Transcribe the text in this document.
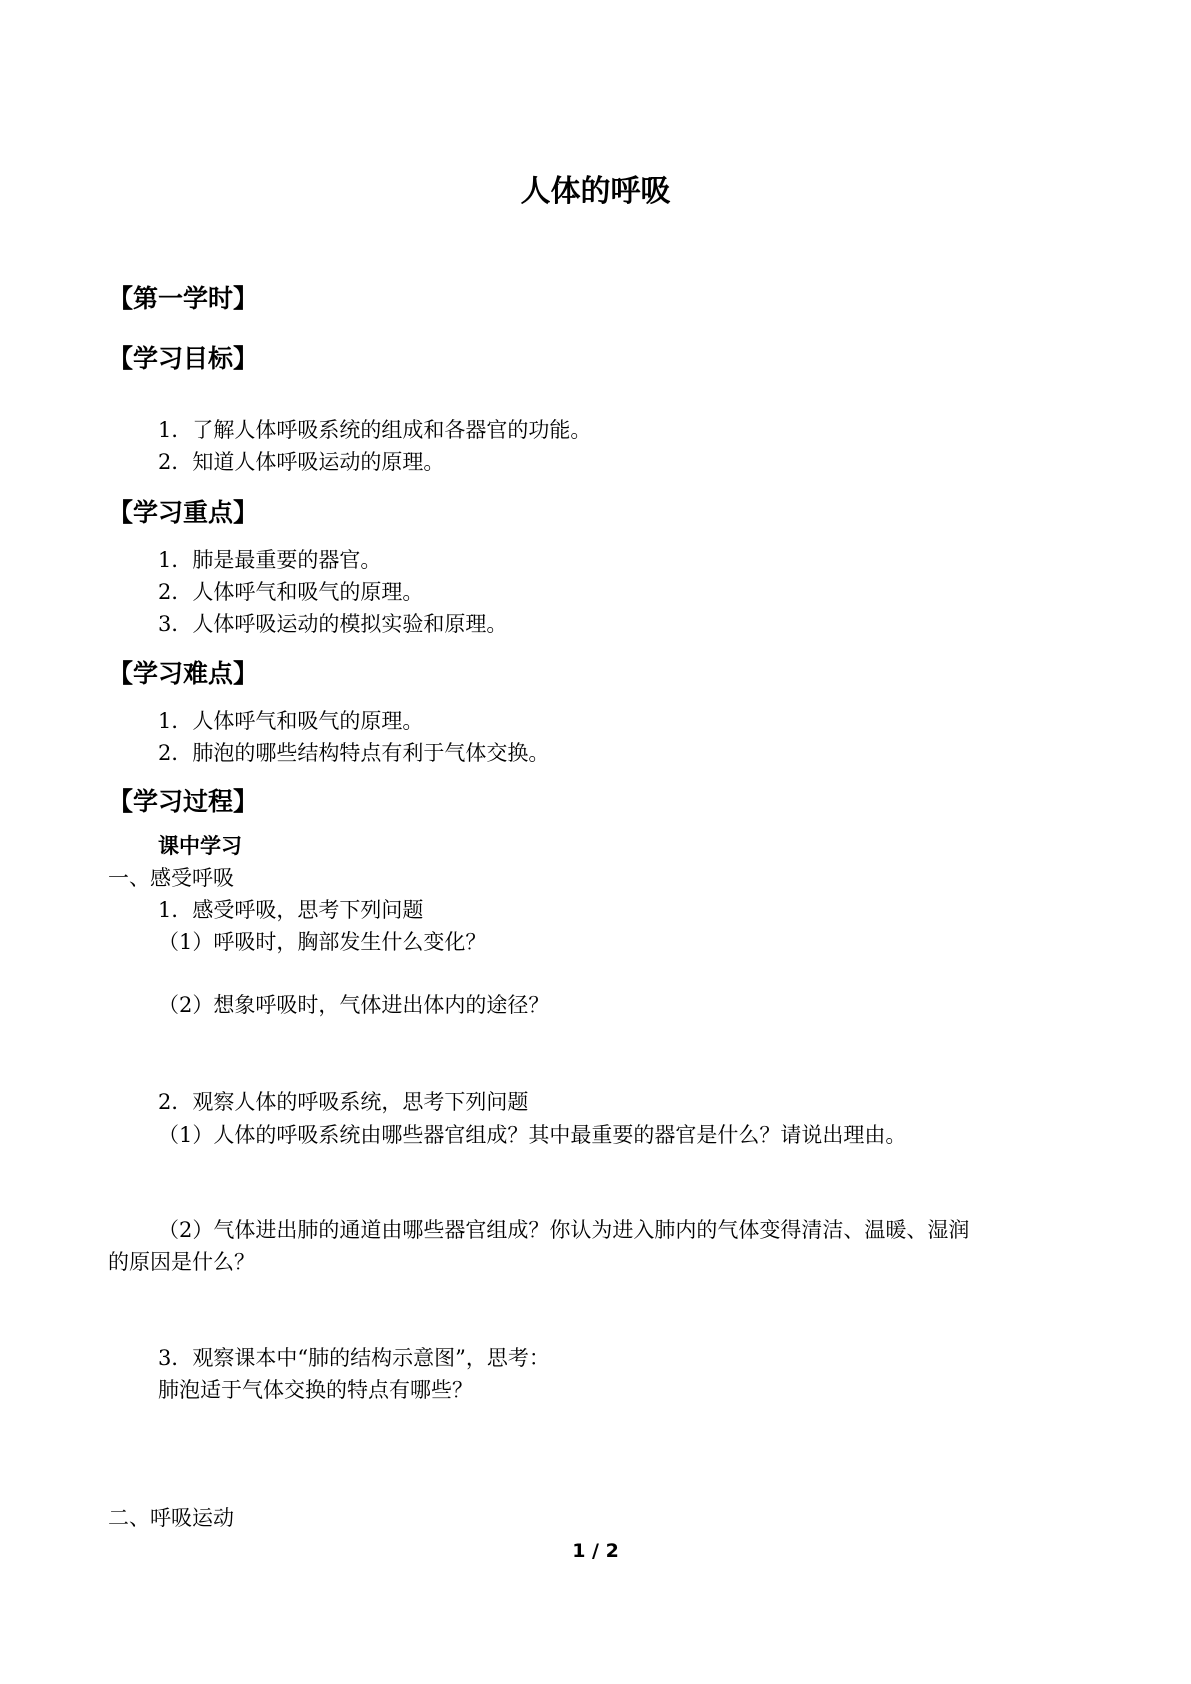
人体的呼吸
【第一学时】
【学习目标】
1．了解人体呼吸系统的组成和各器官的功能。
2．知道人体呼吸运动的原理。
【学习重点】
1．肺是最重要的器官。
2．人体呼气和吸气的原理。
3．人体呼吸运动的模拟实验和原理。
【学习难点】
1．人体呼气和吸气的原理。
2．肺泡的哪些结构特点有利于气体交换。
【学习过程】
课中学习
一、感受呼吸
1．感受呼吸，思考下列问题
（1）呼吸时，胸部发生什么变化？
（2）想象呼吸时，气体进出体内的途径？
2．观察人体的呼吸系统，思考下列问题
（1）人体的呼吸系统由哪些器官组成？其中最重要的器官是什么？请说出理由。
（2）气体进出肺的通道由哪些器官组成？你认为进入肺内的气体变得清洁、温暖、湿润
的原因是什么？
3．观察课本中“肺的结构示意图”，思考：
肺泡适于气体交换的特点有哪些？
二、呼吸运动
1 / 2
